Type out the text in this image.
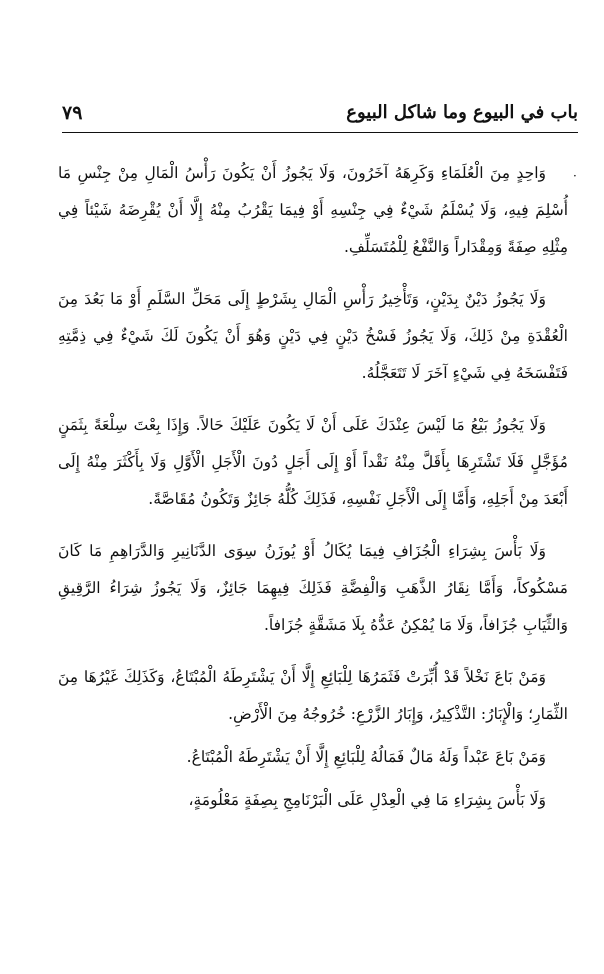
باب في البيوع وما شاكل البيوع
٧٩
·

وَاحِدٍ مِنَ الْعُلَمَاءِ وَكَرِهَهُ آخَرُونَ، وَلَا يَجُوزُ أَنْ يَكُونَ رَأْسُ الْمَالِ مِنْ جِنْسِ مَا أُسْلِمَ فِيهِ، وَلَا يُسْلَمُ شَيْءٌ فِي جِنْسِهِ أَوْ فِيمَا يَقْرُبُ مِنْهُ إِلَّا أَنْ يُقْرِضَهُ شَيْئاً فِي مِثْلِهِ صِفَةً وَمِقْدَاراً وَالنَّفْعُ لِلْمُتَسَلِّفِ.

وَلَا يَجُوزُ دَيْنٌ بِدَيْنٍ، وَتَأْخِيرُ رَأْسِ الْمَالِ بِشَرْطٍ إِلَى مَحَلِّ السَّلَمِ أَوْ مَا بَعُدَ مِنَ الْعُقْدَةِ مِنْ ذَلِكَ، وَلَا يَجُوزُ فَسْخُ دَيْنٍ فِي دَيْنٍ وَهُوَ أَنْ يَكُونَ لَكَ شَيْءٌ فِي ذِمَّتِهِ فَتَفْسَخَهُ فِي شَيْءٍ آخَرَ لَا تَتَعَجَّلُهُ.

وَلَا يَجُوزُ بَيْعُ مَا لَيْسَ عِنْدَكَ عَلَى أَنْ لَا يَكُونَ عَلَيْكَ حَالاً. وَإِذَا بِعْتَ سِلْعَةً بِثَمَنٍ مُؤَجَّلٍ فَلَا تَشْتَرِهَا بِأَقَلَّ مِنْهُ نَقْداً أَوْ إِلَى أَجَلٍ دُونَ الْأَجَلِ الْأَوَّلِ وَلَا بِأَكْثَرَ مِنْهُ إِلَى أَبْعَدَ مِنْ أَجَلِهِ، وَأَمَّا إِلَى الْأَجَلِ نَفْسِهِ، فَذَلِكَ كُلُّهُ جَائِزٌ وَتَكُونُ مُقَاصَّةً.

وَلَا بَأْسَ بِشِرَاءِ الْجُزَافِ فِيمَا يُكَالُ أَوْ يُوزَنُ سِوَى الدَّنَانِيرِ وَالدَّرَاهِمِ مَا كَانَ مَسْكُوكاً، وَأَمَّا نِقَارُ الذَّهَبِ وَالْفِضَّةِ فَذَلِكَ فِيهِمَا جَائِزٌ، وَلَا يَجُوزُ شِرَاءُ الرَّقِيقِ وَالثِّيَابِ جُزَافاً، وَلَا مَا يُمْكِنُ عَدُّهُ بِلَا مَشَقَّةٍ جُزَافاً.

وَمَنْ بَاعَ نَخْلاً قَدْ أُبِّرَتْ فَثَمَرُهَا لِلْبَائِعِ إِلَّا أَنْ يَشْتَرِطَهُ الْمُبْتَاعُ، وَكَذَلِكَ غَيْرُهَا مِنَ الثِّمَارِ؛ وَالْإِبَارُ: التَّذْكِيرُ، وَإِبَارُ الزَّرْعِ: خُرُوجُهُ مِنَ الْأَرْضِ.

وَمَنْ بَاعَ عَبْداً وَلَهُ مَالٌ فَمَالُهُ لِلْبَائِعِ إِلَّا أَنْ يَشْتَرِطَهُ الْمُبْتَاعُ.

وَلَا بَأْسَ بِشِرَاءِ مَا فِي الْعِدْلِ عَلَى الْبَرْنَامِجِ بِصِفَةٍ مَعْلُومَةٍ،
